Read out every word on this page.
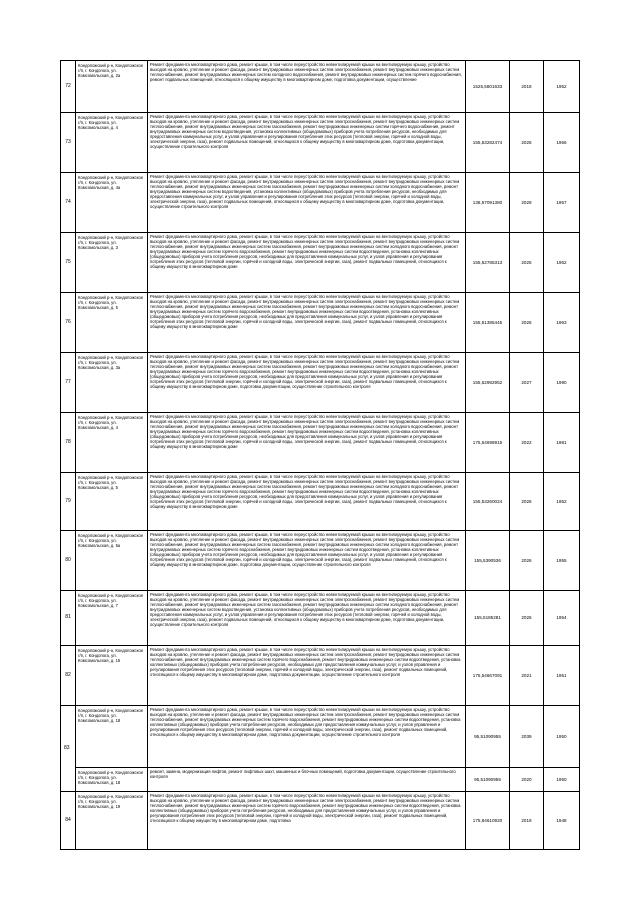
72	Кондопожский р-н, Кондопожское г/п, г. Кондопога, ул. Комсомольская, д. 2а	Ремонт фундамента многоквартирного дома, ремонт крыши, в том числе переустройство невентилируемой крыши на вентилируемую крышу, устройство выходов на кровлю, утепление и ремонт фасада, ремонт внутридомовых инженерных систем электроснабжения, ремонт внутридомовых инженерных систем теплоснабжения, ремонт внутридомовых инженерных систем холодного водоснабжения, ремонт внутридомовых инженерных систем горячего водоснабжения, ремонт подвальных помещений, относящихся к общему имуществу в многоквартирном доме, подготовка документации, осуществление	1525,5801633	2018	1952
73	Кондопожский р-н, Кондопожское г/п, г. Кондопога, ул. Комсомольская, д. 4	Ремонт фундамента многоквартирного дома, ремонт крыши, в том числе переустройство невентилируемой крыши на вентилируемую крышу, устройство выходов на кровлю, утепление и ремонт фасада, ремонт внутридомовых инженерных систем электроснабжения, ремонт внутридомовых инженерных систем теплоснабжения, ремонт внутридомовых инженерных систем газоснабжения, ремонт внутридомовых инженерных систем горячего водоснабжения, ремонт внутридомовых инженерных систем водоотведения, установка коллективных (общедомовых) приборов учета потребления ресурсов, необходимых для предоставления коммунальных услуг, и узлов управления и регулирования потребления этих ресурсов (тепловой энергии, горячей и холодной воды, электрической энергии, газа), ремонт подвальных помещений, относящихся к общему имуществу в многоквартирном доме, подготовка документации, осуществление строительного контроля	155,53282474	2026	1956
74	Кондопожский р-н, Кондопожское г/п, г. Кондопога, ул. Комсомольская, д. 4а	Ремонт фундамента многоквартирного дома, ремонт крыши, в том числе переустройство невентилируемой крыши на вентилируемую крышу, устройство выходов на кровлю, утепление и ремонт фасада, ремонт внутридомовых инженерных систем электроснабжения, ремонт внутридомовых инженерных систем теплоснабжения, ремонт внутридомовых инженерных систем газоснабжения, ремонт внутридомовых инженерных систем холодного водоснабжения, ремонт внутридомовых инженерных систем водоотведения, установка коллективных (общедомовых) приборов учета потребления ресурсов, необходимых для предоставления коммунальных услуг, и узлов управления и регулирования потребления этих ресурсов (тепловой энергии, горячей и холодной воды, электрической энергии, газа), ремонт подвальных помещений, относящихся к общему имуществу в многоквартирном доме, подготовка документации, осуществление строительного контроля	138,57091380	2029	1957
75	Кондопожский р-н, Кондопожское г/п, г. Кондопога, ул. Комсомольская, д. 3	Ремонт фундамента многоквартирного дома, ремонт крыши, в том числе переустройство невентилируемой крыши на вентилируемую крышу, устройство выходов на кровлю, утепление и ремонт фасада, ремонт внутридомовых инженерных систем электроснабжения, ремонт внутридомовых инженерных систем теплоснабжения, ремонт внутридомовых инженерных систем газоснабжения, ремонт внутридомовых инженерных систем холодного водоснабжения, ремонт внутридомовых инженерных систем горячего водоснабжения, ремонт внутридомовых инженерных систем водоотведения, установка коллективных (общедомовых) приборов учета потребления ресурсов, необходимых для предоставления коммунальных услуг, и узлов управления и регулирования потребления этих ресурсов (тепловой энергии, горячей и холодной воды, электрической энергии, газа), ремонт подвальных помещений, относящихся к общему имуществу в многоквартирном доме	155,52785313	2025	1962
76	Кондопожский р-н, Кондопожское г/п, г. Кондопога, ул. Комсомольская, д. 5	Ремонт фундамента многоквартирного дома, ремонт крыши, в том числе переустройство невентилируемой крыши на вентилируемую крышу, устройство выходов на кровлю, утепление и ремонт фасада, ремонт внутридомовых инженерных систем электроснабжения, ремонт внутридомовых инженерных систем теплоснабжения, ремонт внутридомовых инженерных систем газоснабжения, ремонт внутридомовых инженерных систем холодного водоснабжения, ремонт внутридомовых инженерных систем горячего водоснабжения, ремонт внутридомовых инженерных систем водоотведения, установка коллективных (общедомовых) приборов учета потребления ресурсов, необходимых для предоставления коммунальных услуг, и узлов управления и регулирования потребления этих ресурсов (тепловой энергии, горячей и холодной воды, электрической энергии, газа), ремонт подвальных помещений, относящихся к общему имуществу в многоквартирном доме	155,51385445	2026	1963
77	Кондопожский р-н, Кондопожское г/п, г. Кондопога, ул. Комсомольская, д. 3а	Ремонт фундамента многоквартирного дома, ремонт крыши, в том числе переустройство невентилируемой крыши на вентилируемую крышу, устройство выходов на кровлю, утепление и ремонт фасада, ремонт внутридомовых инженерных систем электроснабжения, ремонт внутридомовых инженерных систем теплоснабжения, ремонт внутридомовых инженерных систем газоснабжения, ремонт внутридомовых инженерных систем холодного водоснабжения, ремонт внутридомовых инженерных систем горячего водоснабжения, ремонт внутридомовых инженерных систем водоотведения, установка коллективных (общедомовых) приборов учета потребления ресурсов, необходимых для предоставления коммунальных услуг, и узлов управления и регулирования потребления этих ресурсов (тепловой энергии, горячей и холодной воды, электрической энергии, газа), ремонт подвальных помещений, относящихся к общему имуществу в многоквартирном доме, подготовка документации, осуществление строительного контроля	155,52982952	2027	1990
78	Кондопожский р-н, Кондопожское г/п, г. Кондопога, ул. Комсомольская, д. 4	Ремонт фундамента многоквартирного дома, ремонт крыши, в том числе переустройство невентилируемой крыши на вентилируемую крышу, устройство выходов на кровлю, утепление и ремонт фасада, ремонт внутридомовых инженерных систем электроснабжения, ремонт внутридомовых инженерных систем теплоснабжения, ремонт внутридомовых инженерных систем газоснабжения, ремонт внутридомовых инженерных систем холодного водоснабжения, ремонт внутридомовых инженерных систем горячего водоснабжения, ремонт внутридомовых инженерных систем водоотведения, установка коллективных (общедомовых) приборов учета потребления ресурсов, необходимых для предоставления коммунальных услуг, и узлов управления и регулирования потребления этих ресурсов (тепловой энергии, горячей и холодной воды, электрической энергии, газа), ремонт подвальных помещений, относящихся к общему имуществу в многоквартирном доме	175,54698915	2022	1981
79	Кондопожский р-н, Кондопожское г/п, г. Кондопога, ул. Комсомольская, д. 5	Ремонт фундамента многоквартирного дома, ремонт крыши, в том числе переустройство невентилируемой крыши на вентилируемую крышу, устройство выходов на кровлю, утепление и ремонт фасада, ремонт внутридомовых инженерных систем электроснабжения, ремонт внутридомовых инженерных систем теплоснабжения, ремонт внутридомовых инженерных систем газоснабжения, ремонт внутридомовых инженерных систем холодного водоснабжения, ремонт внутридомовых инженерных систем горячего водоснабжения, ремонт внутридомовых инженерных систем водоотведения, установка коллективных (общедомовых) приборов учета потребления ресурсов, необходимых для предоставления коммунальных услуг, и узлов управления и регулирования потребления этих ресурсов (тепловой энергии, горячей и холодной воды, электрической энергии, газа), ремонт подвальных помещений, относящихся к общему имуществу в многоквартирном доме	155,53260024	2026	1952
80	Кондопожский р-н, Кондопожское г/п, г. Кондопога, ул. Комсомольская, д. 5а	Ремонт фундамента многоквартирного дома, ремонт крыши, в том числе переустройство невентилируемой крыши на вентилируемую крышу, устройство выходов на кровлю, утепление и ремонт фасада, ремонт внутридомовых инженерных систем электроснабжения, ремонт внутридомовых инженерных систем теплоснабжения, ремонт внутридомовых инженерных систем газоснабжения, ремонт внутридомовых инженерных систем холодного водоснабжения, ремонт внутридомовых инженерных систем горячего водоснабжения, ремонт внутридомовых инженерных систем водоотведения, установка коллективных (общедомовых) приборов учета потребления ресурсов, необходимых для предоставления коммунальных услуг, и узлов управления и регулирования потребления этих ресурсов (тепловой энергии, горячей и холодной воды, электрической энергии, газа), ремонт подвальных помещений, относящихся к общему имуществу в многоквартирном доме, подготовка документации, осуществление строительного контроля	155,5390536	2026	1955
81	Кондопожский р-н, Кондопожское г/п, г. Кондопога, ул. Комсомольская, д. 7	Ремонт фундамента многоквартирного дома, ремонт крыши, в том числе переустройство невентилируемой крыши на вентилируемую крышу, устройство выходов на кровлю, утепление и ремонт фасада, ремонт внутридомовых инженерных систем электроснабжения, ремонт внутридомовых инженерных систем теплоснабжения, ремонт внутридомовых инженерных систем газоснабжения, ремонт внутридомовых инженерных систем холодного водоснабжения, ремонт внутридомовых инженерных систем водоотведения, установка коллективных (общедомовых) приборов учета потребления ресурсов, необходимых для предоставления коммунальных услуг, и узлов управления и регулирования потребления этих ресурсов (тепловой энергии, горячей и холодной воды, электрической энергии, газа), ремонт подвальных помещений, относящихся к общему имуществу в многоквартирном доме, подготовка документации, осуществление строительного контроля	155,5185281	2026	1954
82	Кондопожский р-н, Кондопожское г/п, г. Кондопога, ул. Комсомольская, д. 15	Ремонт фундамента многоквартирного дома, ремонт крыши, в том числе переустройство невентилируемой крыши на вентилируемую крышу, устройство выходов на кровлю, утепление и ремонт фасада, ремонт внутридомовых инженерных систем электроснабжения, ремонт внутридомовых инженерных систем теплоснабжения, ремонт внутридомовых инженерных систем горячего водоснабжения, ремонт внутридомовых инженерных систем водоотведения, установка коллективных (общедомовых) приборов учета потребления ресурсов, необходимых для предоставления коммунальных услуг, и узлов управления и регулирования потребления этих ресурсов (тепловой энергии, горячей и холодной воды, электрической энергии, газа), ремонт подвальных помещений, относящихся к общему имуществу в многоквартирном доме, подготовка документации, осуществление строительного контроля	175,54667091	2021	1951
83	Кондопожский р-н, Кондопожское г/п, г. Кондопога, ул. Комсомольская, д. 18	Ремонт фундамента многоквартирного дома, ремонт крыши, в том числе переустройство невентилируемой крыши на вентилируемую крышу, устройство выходов на кровлю, утепление и ремонт фасада, ремонт внутридомовых инженерных систем электроснабжения, ремонт внутридомовых инженерных систем теплоснабжения, ремонт внутридомовых инженерных систем горячего водоснабжения, ремонт внутридомовых инженерных систем водоотведения, установка коллективных (общедомовых) приборов учета потребления ресурсов, необходимых для предоставления коммунальных услуг, и узлов управления и регулирования потребления этих ресурсов (тепловой энергии, горячей и холодной воды, электрической энергии, газа), ремонт подвальных помещений, относящихся к общему имуществу в многоквартирном доме, подготовка документации, осуществление строительного контроля	95,51090955	2039	1950
	Кондопожский р-н, Кондопожское г/п, г. Кондопога, ул. Комсомольская, д. 18	ремонт, замена, модернизация лифтов, ремонт лифтовых шахт, машинных и блочных помещений, подготовка документации, осуществление строительного контроля	95,51090955	2020	1950
84	Кондопожский р-н, Кондопожское г/п, г. Кондопога, ул. Комсомольская, д. 19	Ремонт фундамента многоквартирного дома, ремонт крыши, в том числе переустройство невентилируемой крыши на вентилируемую крышу, устройство выходов на кровлю, утепление и ремонт фасада, ремонт внутридомовых инженерных систем электроснабжения, ремонт внутридомовых инженерных систем теплоснабжения, ремонт внутридомовых инженерных систем горячего водоснабжения, ремонт внутридомовых инженерных систем водоотведения, установка коллективных (общедомовых) приборов учета потребления ресурсов, необходимых для предоставления коммунальных услуг, и узлов управления и регулирования потребления этих ресурсов (тепловой энергии, горячей и холодной воды, электрической энергии, газа), ремонт подвальных помещений, относящихся к общему имуществу в многоквартирном доме, подготовка	175,84610920	2019	1948
